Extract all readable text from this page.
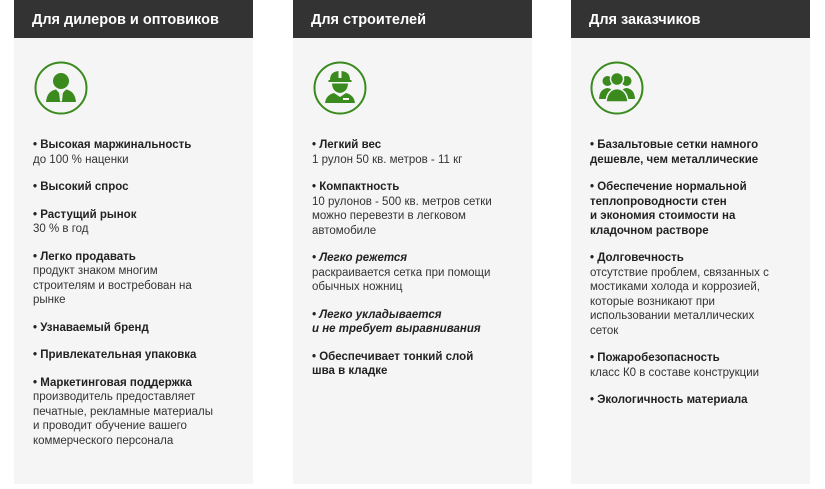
Для дилеров и оптовиков
• Высокая маржинальность
до 100 % наценки
• Высокий спрос
• Растущий рынок
30 % в год
• Легко продавать
продукт знаком многим
строителям и востребован на
рынке
• Узнаваемый бренд
• Привлекательная упаковка
• Маркетинговая поддержка
производитель предоставляет
печатные, рекламные материалы
и проводит обучение вашего
коммерческого персонала
Для строителей
• Легкий вес
1 рулон 50 кв. метров - 11 кг
• Компактность
10 рулонов - 500 кв. метров сетки
можно перевезти в легковом
автомобиле
• Легко режется
раскраивается сетка при помощи
обычных ножниц
• Легко укладывается
и не требует выравнивания
• Обеспечивает тонкий слой
шва в кладке
Для заказчиков
• Базальтовые сетки намного
дешевле, чем металлические
• Обеспечение нормальной
теплопроводности стен
и экономия стоимости на
кладочном растворе
• Долговечность
отсутствие проблем, связанных с
мостиками холода и коррозией,
которые возникают при
использовании металлических
сеток
• Пожаробезопасность
класс К0 в составе конструкции
• Экологичность материала
